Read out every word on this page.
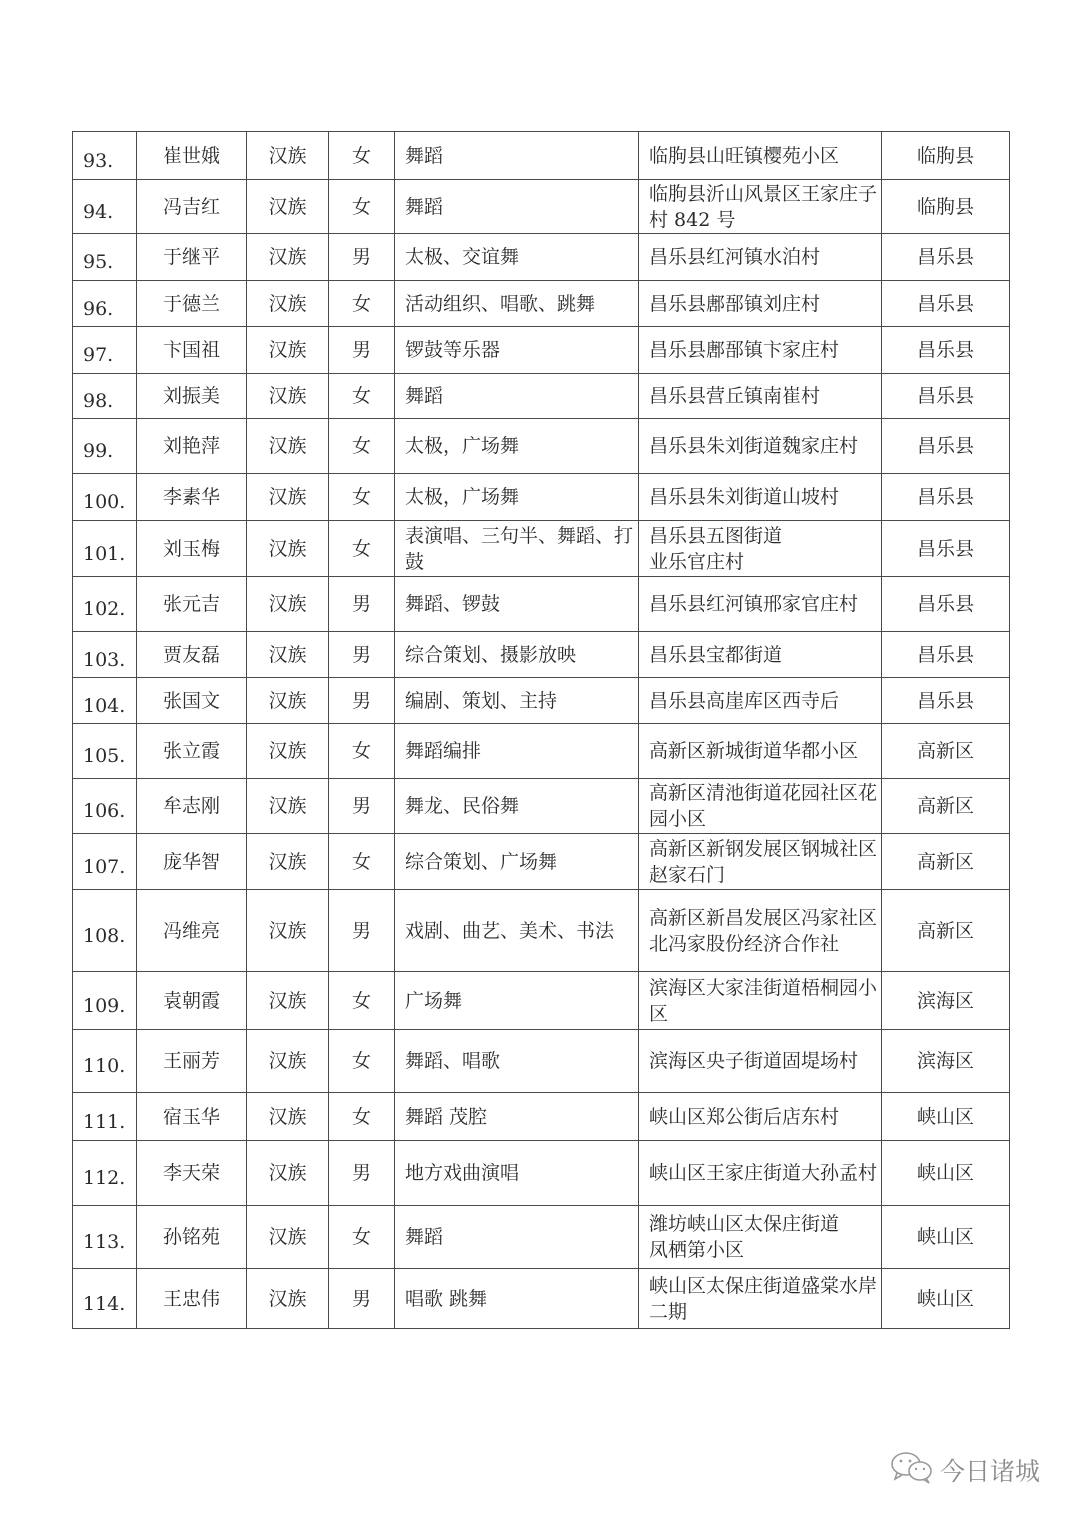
93.	崔世娥	汉族	女	舞蹈	临朐县山旺镇樱苑小区	临朐县
94.	冯吉红	汉族	女	舞蹈	临朐县沂山风景区王家庄子村 842 号	临朐县
95.	于继平	汉族	男	太极、交谊舞	昌乐县红河镇水泊村	昌乐县
96.	于德兰	汉族	女	活动组织、唱歌、跳舞	昌乐县鄌郚镇刘庄村	昌乐县
97.	卞国祖	汉族	男	锣鼓等乐器	昌乐县鄌郚镇卞家庄村	昌乐县
98.	刘振美	汉族	女	舞蹈	昌乐县营丘镇南崔村	昌乐县
99.	刘艳萍	汉族	女	太极，广场舞	昌乐县朱刘街道魏家庄村	昌乐县
100.	李素华	汉族	女	太极，广场舞	昌乐县朱刘街道山坡村	昌乐县
101.	刘玉梅	汉族	女	表演唱、三句半、舞蹈、打鼓	昌乐县五图街道
业乐官庄村	昌乐县
102.	张元吉	汉族	男	舞蹈、锣鼓	昌乐县红河镇邢家官庄村	昌乐县
103.	贾友磊	汉族	男	综合策划、摄影放映	昌乐县宝都街道	昌乐县
104.	张国文	汉族	男	编剧、策划、主持	昌乐县高崖库区西寺后	昌乐县
105.	张立霞	汉族	女	舞蹈编排	高新区新城街道华都小区	高新区
106.	牟志刚	汉族	男	舞龙、民俗舞	高新区清池街道花园社区花园小区	高新区
107.	庞华智	汉族	女	综合策划、广场舞	高新区新钢发展区钢城社区赵家石门	高新区
108.	冯维亮	汉族	男	戏剧、曲艺、美术、书法	高新区新昌发展区冯家社区北冯家股份经济合作社	高新区
109.	袁朝霞	汉族	女	广场舞	滨海区大家洼街道梧桐园小区	滨海区
110.	王丽芳	汉族	女	舞蹈、唱歌	滨海区央子街道固堤场村	滨海区
111.	宿玉华	汉族	女	舞蹈 茂腔	峡山区郑公街后店东村	峡山区
112.	李天荣	汉族	男	地方戏曲演唱	峡山区王家庄街道大孙孟村	峡山区
113.	孙铭苑	汉族	女	舞蹈	潍坊峡山区太保庄街道
凤栖第小区	峡山区
114.	王忠伟	汉族	男	唱歌 跳舞	峡山区太保庄街道盛棠水岸二期	峡山区
今日诸城
